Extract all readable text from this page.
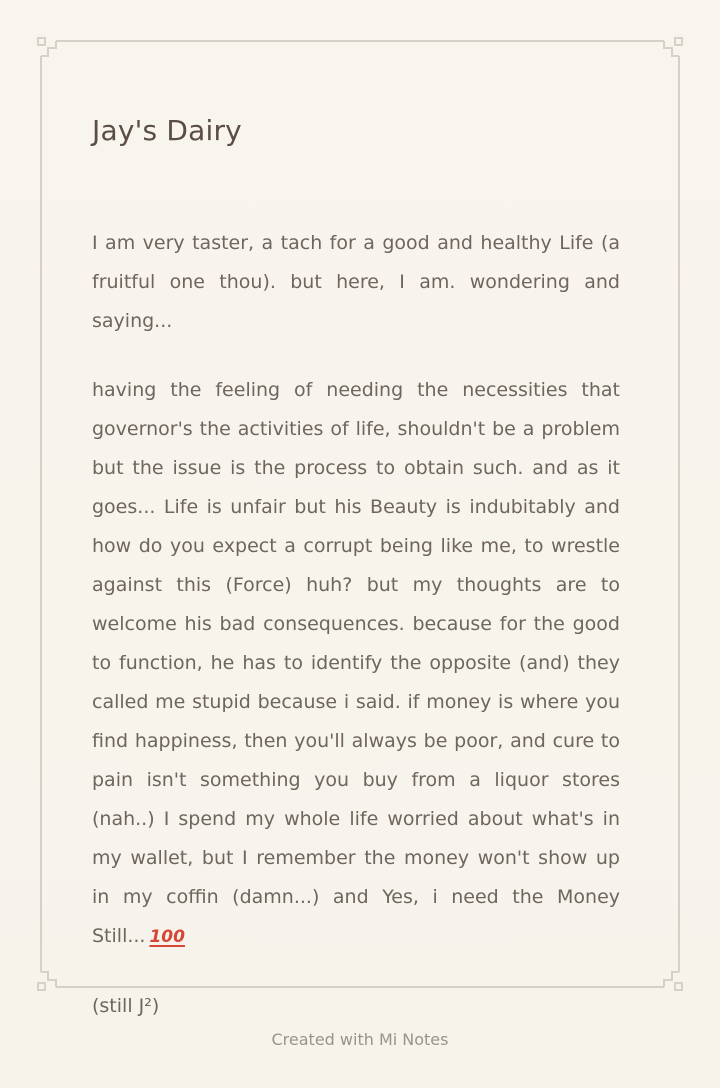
Jay's Dairy

I am very taster, a tach for a good and healthy Life (a fruitful one thou). but here, I am. wondering and saying...

having the feeling of needing the necessities that governor's the activities of life, shouldn't be a problem but the issue is the process to obtain such. and as it goes... Life is unfair but his Beauty is indubitably and how do you expect a corrupt being like me, to wrestle against this (Force) huh? but my thoughts are to welcome his bad consequences. because for the good to function, he has to identify the opposite (and) they called me stupid because i said. if money is where you find happiness, then you'll always be poor, and cure to pain isn't something you buy from a liquor stores (nah..) I spend my whole life worried about what's in my wallet, but I remember the money won't show up in my coffin (damn...) and Yes, i need the Money Still... 100

(still J²)

Created with Mi Notes
